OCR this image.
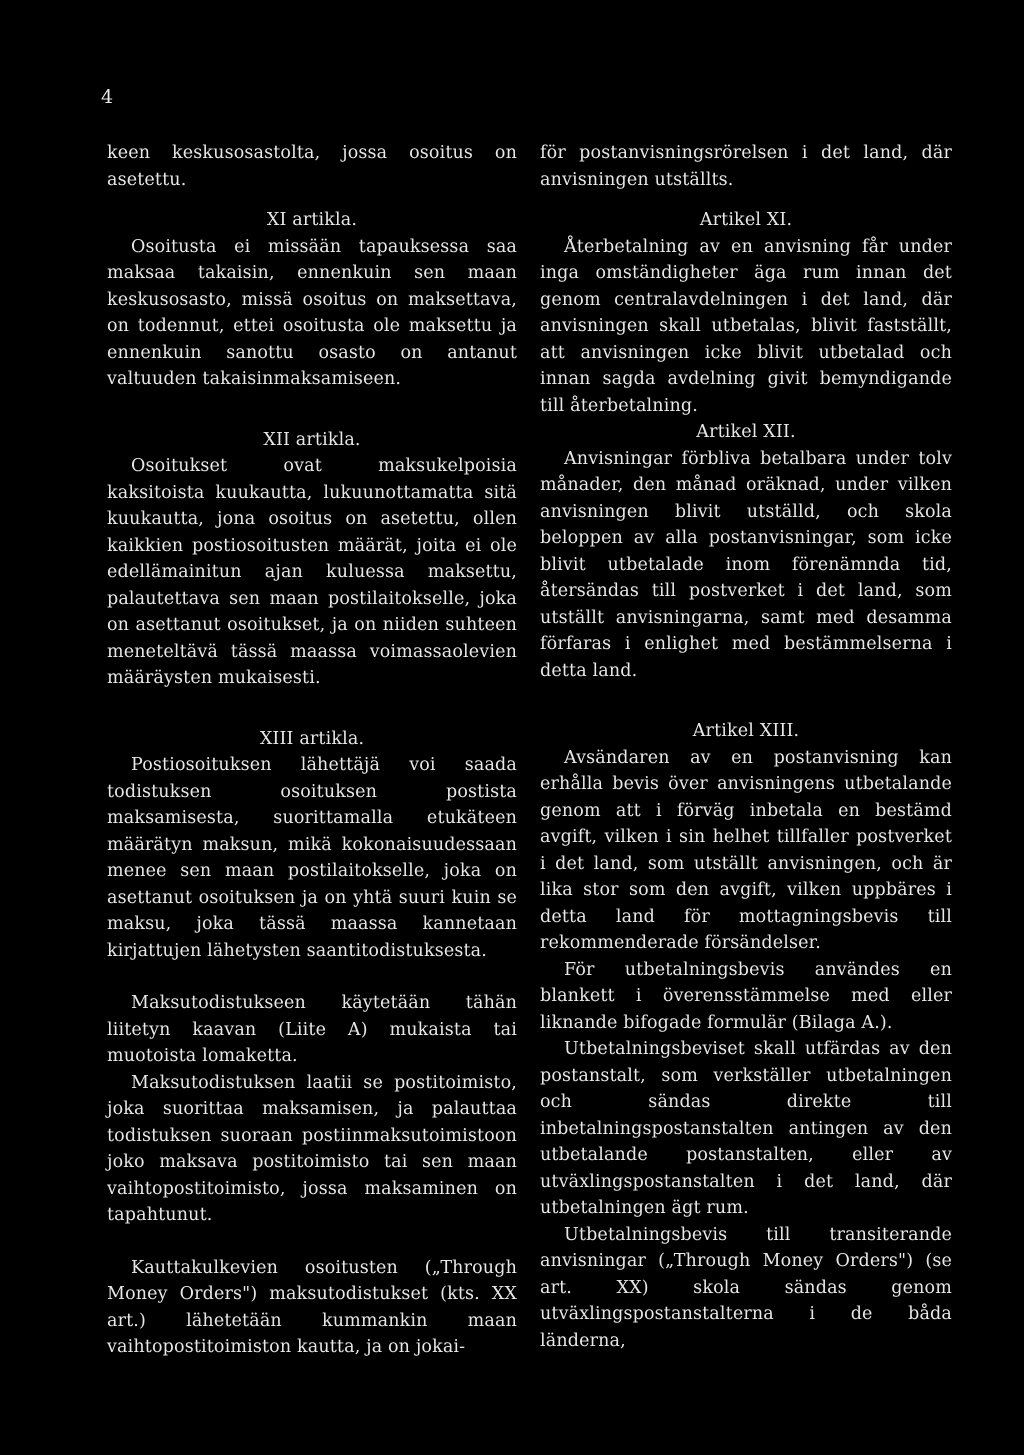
4

keen keskusosastolta, jossa osoitus on asetettu.

XI artikla.

Osoitusta ei missään tapauksessa saa maksaa takaisin, ennenkuin sen maan keskusosasto, missä osoitus on maksettava, on todennut, ettei osoitusta ole maksettu ja ennenkuin sanottu osasto on antanut valtuuden takaisinmaksamiseen.

XII artikla.

Osoitukset ovat maksukelpoisia kaksitoista kuukautta, lukuunottamatta sitä kuukautta, jona osoitus on asetettu, ollen kaikkien postiosoitusten määrät, joita ei ole edellämainitun ajan kuluessa maksettu, palautettava sen maan postilaitokselle, joka on asettanut osoitukset, ja on niiden suhteen meneteltävä tässä maassa voimassaolevien määräysten mukaisesti.

XIII artikla.

Postiosoituksen lähettäjä voi saada todistuksen osoituksen postista maksamisesta, suorittamalla etukäteen määrätyn maksun, mikä kokonaisuudessaan menee sen maan postilaitokselle, joka on asettanut osoituksen ja on yhtä suuri kuin se maksu, joka tässä maassa kannetaan kirjattujen lähetysten saantitodistuksesta.

Maksutodistukseen käytetään tähän liitetyn kaavan (Liite A) mukaista tai muotoista lomaketta.

Maksutodistuksen laatii se postitoimisto, joka suorittaa maksamisen, ja palauttaa todistuksen suoraan postiinmaksutoimistoon joko maksava postitoimisto tai sen maan vaihtopostitoimisto, jossa maksaminen on tapahtunut.

Kauttakulkevien osoitusten („Through Money Orders") maksutodistukset (kts. XX art.) lähetetään kummankin maan vaihtopostitoimiston kautta, ja on jokai-

för postanvisningsrörelsen i det land, där anvisningen utställts.

Artikel XI.

Återbetalning av en anvisning får under inga omständigheter äga rum innan det genom centralavdelningen i det land, där anvisningen skall utbetalas, blivit fastställt, att anvisningen icke blivit utbetalad och innan sagda avdelning givit bemyndigande till återbetalning.

Artikel XII.

Anvisningar förbliva betalbara under tolv månader, den månad oräknad, under vilken anvisningen blivit utställd, och skola beloppen av alla postanvisningar, som icke blivit utbetalade inom förenämnda tid, återsändas till postverket i det land, som utställt anvisningarna, samt med desamma förfaras i enlighet med bestämmelserna i detta land.

Artikel XIII.

Avsändaren av en postanvisning kan erhålla bevis över anvisningens utbetalande genom att i förväg inbetala en bestämd avgift, vilken i sin helhet tillfaller postverket i det land, som utställt anvisningen, och är lika stor som den avgift, vilken uppbäres i detta land för mottagningsbevis till rekommenderade försändelser.

För utbetalningsbevis användes en blankett i överensstämmelse med eller liknande bifogade formulär (Bilaga A.).

Utbetalningsbeviset skall utfärdas av den postanstalt, som verkställer utbetalningen och sändas direkte till inbetalningspostanstalten antingen av den utbetalande postanstalten, eller av utväxlingspostanstalten i det land, där utbetalningen ägt rum.

Utbetalningsbevis till transiterande anvisningar („Through Money Orders") (se art. XX) skola sändas genom utväxlingspostanstalterna i de båda länderna,
